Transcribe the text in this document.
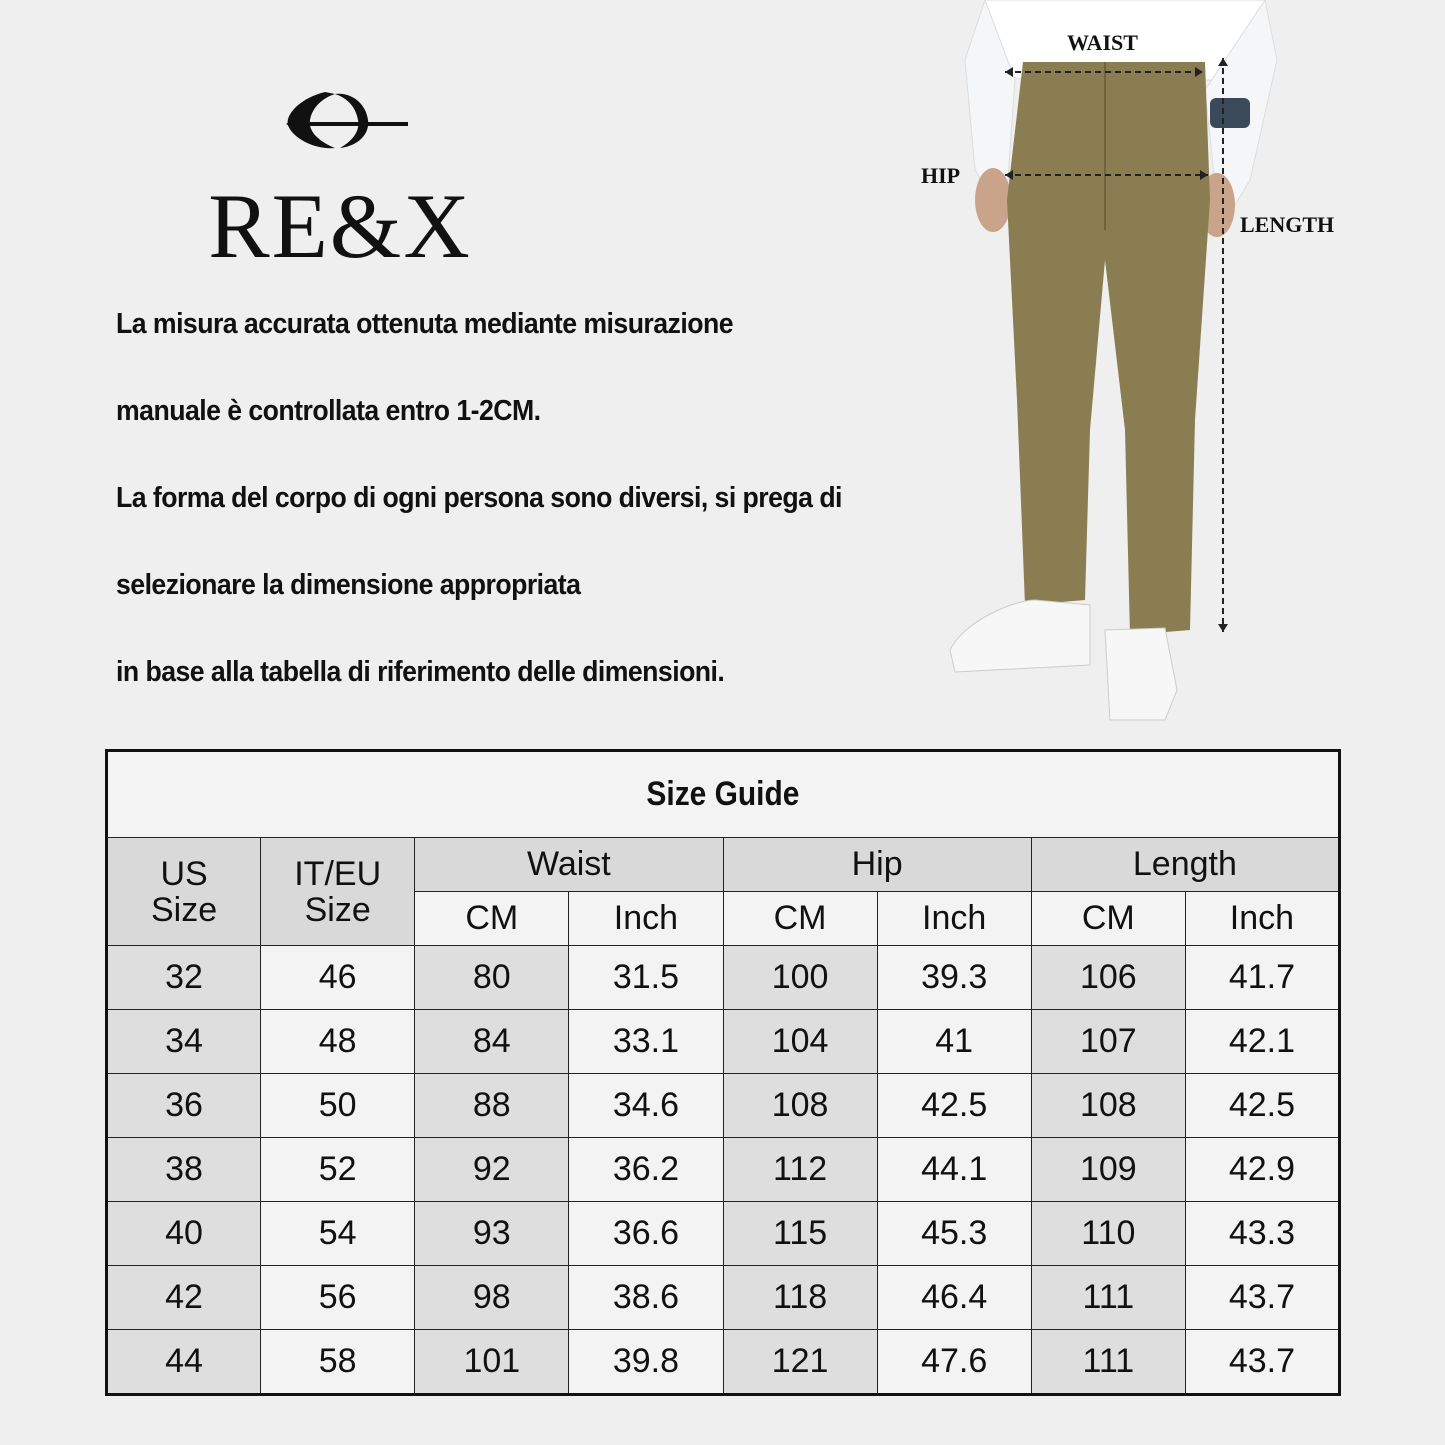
RE&X

La misura accurata ottenuta mediante misurazione

manuale è controllata entro 1-2CM.

La forma del corpo di ogni persona sono diversi, si prega di

selezionare la dimensione appropriata

in base alla tabella di riferimento delle dimensioni.

WAIST
HIP
LENGTH
Size Guide							
US Size	IT/EU Size	Waist		Hip		Length	
		CM	Inch	CM	Inch	CM	Inch
32	46	80	31.5	100	39.3	106	41.7
34	48	84	33.1	104	41	107	42.1
36	50	88	34.6	108	42.5	108	42.5
38	52	92	36.2	112	44.1	109	42.9
40	54	93	36.6	115	45.3	110	43.3
42	56	98	38.6	118	46.4	111	43.7
44	58	101	39.8	121	47.6	111	43.7
